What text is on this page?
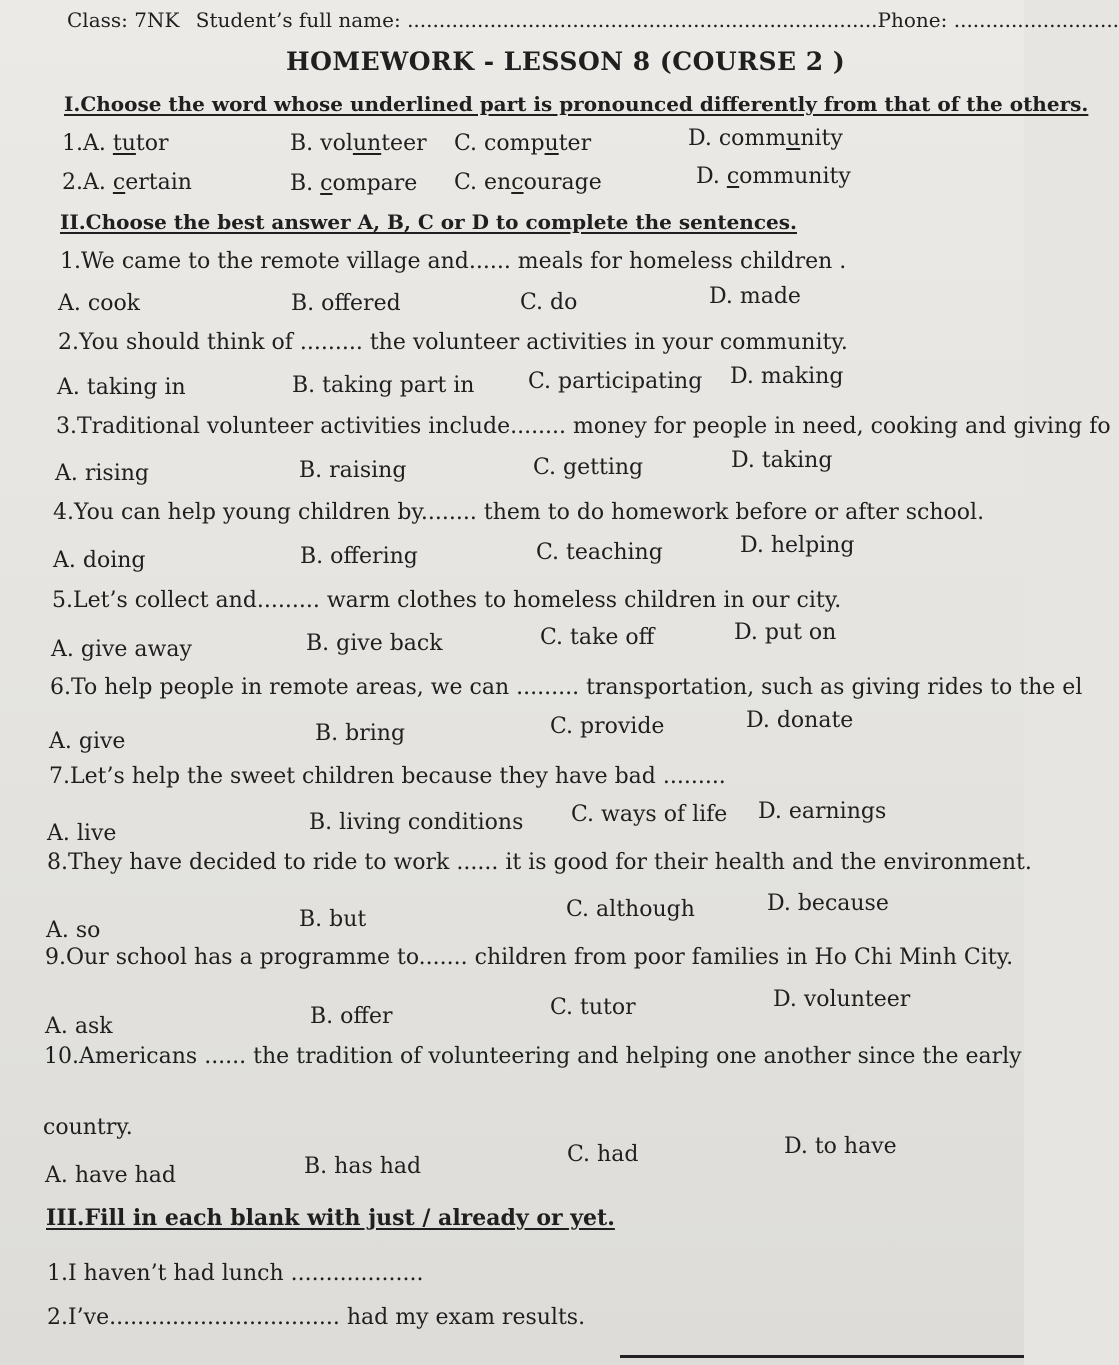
Class: 7NK Student’s full name: ..........................................................................Phone: ..........................
HOMEWORK - LESSON 8 (COURSE 2 )
I.Choose the word whose underlined part is pronounced differently from that of the others.
1.A. tutor	B. volunteer C. computer	D. community
2.A. certain	B. compare C. encourage	D. community
II.Choose the best answer A, B, C or D to complete the sentences.
1.We came to the remote village and...... meals for homeless children .
A. cook	B. offered	C. do	D. made
2.You should think of ......... the volunteer activities in your community.
A. taking in	B. taking part in C. participating D. making
3.Traditional volunteer activities include........ money for people in need, cooking and giving fo
A. rising	B. raising	C. getting	D. taking
4.You can help young children by........ them to do homework before or after school.
A. doing	B. offering	C. teaching	D. helping
5.Let’s collect and......... warm clothes to homeless children in our city.
A. give away	B. give back	C. take off	D. put on
6.To help people in remote areas, we can ......... transportation, such as giving rides to the el
A. give	B. bring	C. provide	D. donate
7.Let’s help the sweet children because they have bad .........
A. live	B. living conditions C. ways of life D. earnings
8.They have decided to ride to work ...... it is good for their health and the environment.
A. so	B. but	C. although	D. because
9.Our school has a programme to....... children from poor families in Ho Chi Minh City.
A. ask	B. offer	C. tutor	D. volunteer
10.Americans ...... the tradition of volunteering and helping one another since the early
country.
A. have had	B. has had	C. had	D. to have
III.Fill in each blank with just / already or yet.
1.I haven’t had lunch ...................
2.I’ve................................. had my exam results.
